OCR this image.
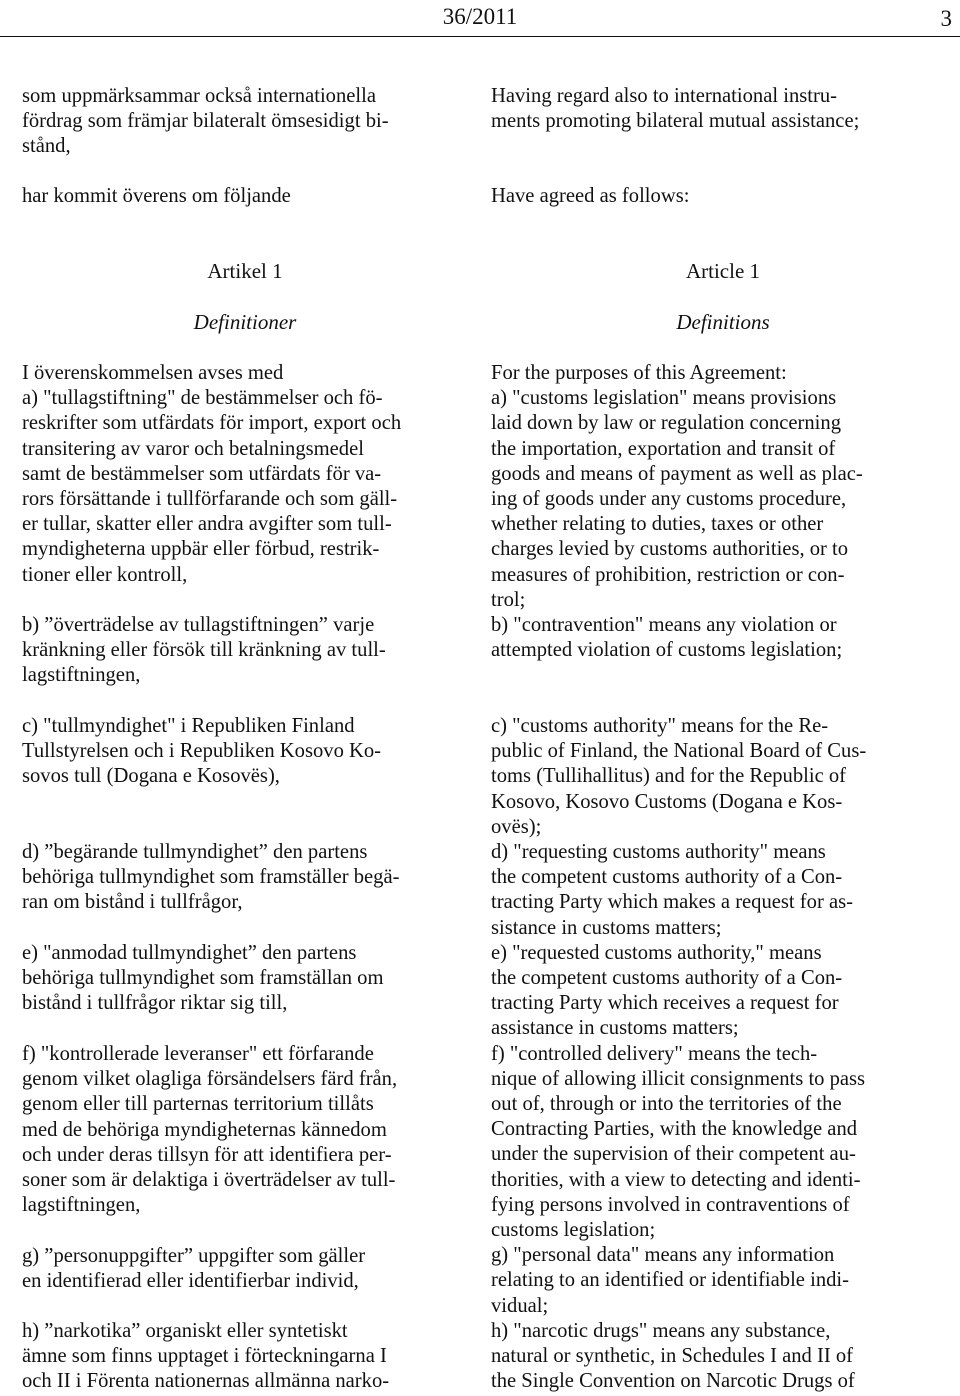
36/2011	3
som uppmärksammar också internationella
fördrag som främjar bilateralt ömsesidigt bi-
stånd,
har kommit överens om följande
Artikel 1
Definitioner
I överenskommelsen avses med
a) "tullagstiftning" de bestämmelser och fö-
reskrifter som utfärdats för import, export och
transitering av varor och betalningsmedel
samt de bestämmelser som utfärdats för va-
rors försättande i tullförfarande och som gäll-
er tullar, skatter eller andra avgifter som tull-
myndigheterna uppbär eller förbud, restrik-
tioner eller kontroll,
b) ”överträdelse av tullagstiftningen” varje
kränkning eller försök till kränkning av tull-
lagstiftningen,
c) "tullmyndighet" i Republiken Finland
Tullstyrelsen och i Republiken Kosovo Ko-
sovos tull (Dogana e Kosovës),
d) ”begärande tullmyndighet” den partens
behöriga tullmyndighet som framställer begä-
ran om bistånd i tullfrågor,
e) "anmodad tullmyndighet” den partens
behöriga tullmyndighet som framställan om
bistånd i tullfrågor riktar sig till,
f) "kontrollerade leveranser" ett förfarande
genom vilket olagliga försändelsers färd från,
genom eller till parternas territorium tillåts
med de behöriga myndigheternas kännedom
och under deras tillsyn för att identifiera per-
soner som är delaktiga i överträdelser av tull-
lagstiftningen,
g) ”personuppgifter” uppgifter som gäller
en identifierad eller identifierbar individ,
h) ”narkotika” organiskt eller syntetiskt
ämne som finns upptaget i förteckningarna I
och II i Förenta nationernas allmänna narko-
Having regard also to international instru-
ments promoting bilateral mutual assistance;
Have agreed as follows:
Article 1
Definitions
For the purposes of this Agreement:
a) "customs legislation" means provisions
laid down by law or regulation concerning
the importation, exportation and transit of
goods and means of payment as well as plac-
ing of goods under any customs procedure,
whether relating to duties, taxes or other
charges levied by customs authorities, or to
measures of prohibition, restriction or con-
trol;
b) "contravention" means any violation or
attempted violation of customs legislation;
c) "customs authority" means for the Re-
public of Finland, the National Board of Cus-
toms (Tullihallitus) and for the Republic of
Kosovo, Kosovo Customs (Dogana e Kos-
ovës);
d) "requesting customs authority" means
the competent customs authority of a Con-
tracting Party which makes a request for as-
sistance in customs matters;
e) "requested customs authority," means
the competent customs authority of a Con-
tracting Party which receives a request for
assistance in customs matters;
f) "controlled delivery" means the tech-
nique of allowing illicit consignments to pass
out of, through or into the territories of the
Contracting Parties, with the knowledge and
under the supervision of their competent au-
thorities, with a view to detecting and identi-
fying persons involved in contraventions of
customs legislation;
g) "personal data" means any information
relating to an identified or identifiable indi-
vidual;
h) "narcotic drugs" means any substance,
natural or synthetic, in Schedules I and II of
the Single Convention on Narcotic Drugs of
